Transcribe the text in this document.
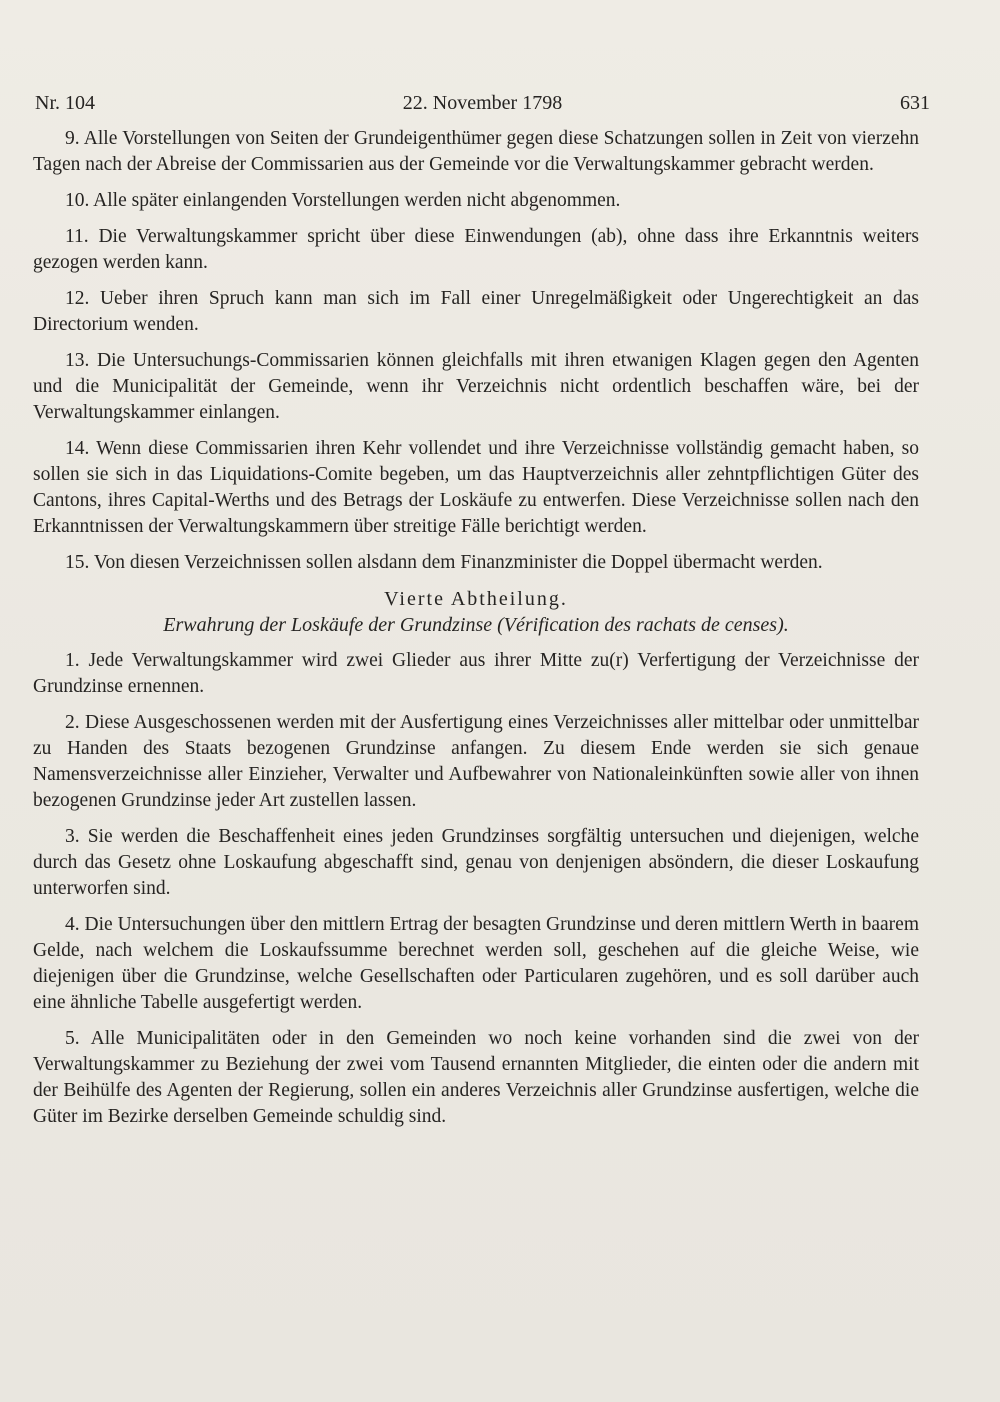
22. November 1798
Nr. 104	631

9. Alle Vorstellungen von Seiten der Grundeigenthümer gegen diese Schatzungen sollen in Zeit von vierzehn Tagen nach der Abreise der Commissarien aus der Gemeinde vor die Verwaltungskammer gebracht werden.

10. Alle später einlangenden Vorstellungen werden nicht abgenommen.

11. Die Verwaltungskammer spricht über diese Einwendungen (ab), ohne dass ihre Erkanntnis weiters gezogen werden kann.

12. Ueber ihren Spruch kann man sich im Fall einer Unregelmäßigkeit oder Ungerechtigkeit an das Directorium wenden.

13. Die Untersuchungs-Commissarien können gleichfalls mit ihren etwanigen Klagen gegen den Agenten und die Municipalität der Gemeinde, wenn ihr Verzeichnis nicht ordentlich beschaffen wäre, bei der Verwaltungskammer einlangen.

14. Wenn diese Commissarien ihren Kehr vollendet und ihre Verzeichnisse vollständig gemacht haben, so sollen sie sich in das Liquidations-Comite begeben, um das Hauptverzeichnis aller zehntpflichtigen Güter des Cantons, ihres Capital-Werths und des Betrags der Loskäufe zu entwerfen. Diese Verzeichnisse sollen nach den Erkanntnissen der Verwaltungskammern über streitige Fälle berichtigt werden.

15. Von diesen Verzeichnissen sollen alsdann dem Finanzminister die Doppel übermacht werden.

Vierte Abtheilung.

Erwahrung der Loskäufe der Grundzinse (Vérification des rachats de censes).

1. Jede Verwaltungskammer wird zwei Glieder aus ihrer Mitte zu(r) Verfertigung der Verzeichnisse der Grundzinse ernennen.

2. Diese Ausgeschossenen werden mit der Ausfertigung eines Verzeichnisses aller mittelbar oder unmittelbar zu Handen des Staats bezogenen Grundzinse anfangen. Zu diesem Ende werden sie sich genaue Namensverzeichnisse aller Einzieher, Verwalter und Aufbewahrer von Nationaleinkünften sowie aller von ihnen bezogenen Grundzinse jeder Art zustellen lassen.

3. Sie werden die Beschaffenheit eines jeden Grundzinses sorgfältig untersuchen und diejenigen, welche durch das Gesetz ohne Loskaufung abgeschafft sind, genau von denjenigen absöndern, die dieser Loskaufung unterworfen sind.

4. Die Untersuchungen über den mittlern Ertrag der besagten Grundzinse und deren mittlern Werth in baarem Gelde, nach welchem die Loskaufssumme berechnet werden soll, geschehen auf die gleiche Weise, wie diejenigen über die Grundzinse, welche Gesellschaften oder Particularen zugehören, und es soll darüber auch eine ähnliche Tabelle ausgefertigt werden.

5. Alle Municipalitäten oder in den Gemeinden wo noch keine vorhanden sind die zwei von der Verwaltungskammer zu Beziehung der zwei vom Tausend ernannten Mitglieder, die einten oder die andern mit der Beihülfe des Agenten der Regierung, sollen ein anderes Verzeichnis aller Grundzinse ausfertigen, welche die Güter im Bezirke derselben Gemeinde schuldig sind.
